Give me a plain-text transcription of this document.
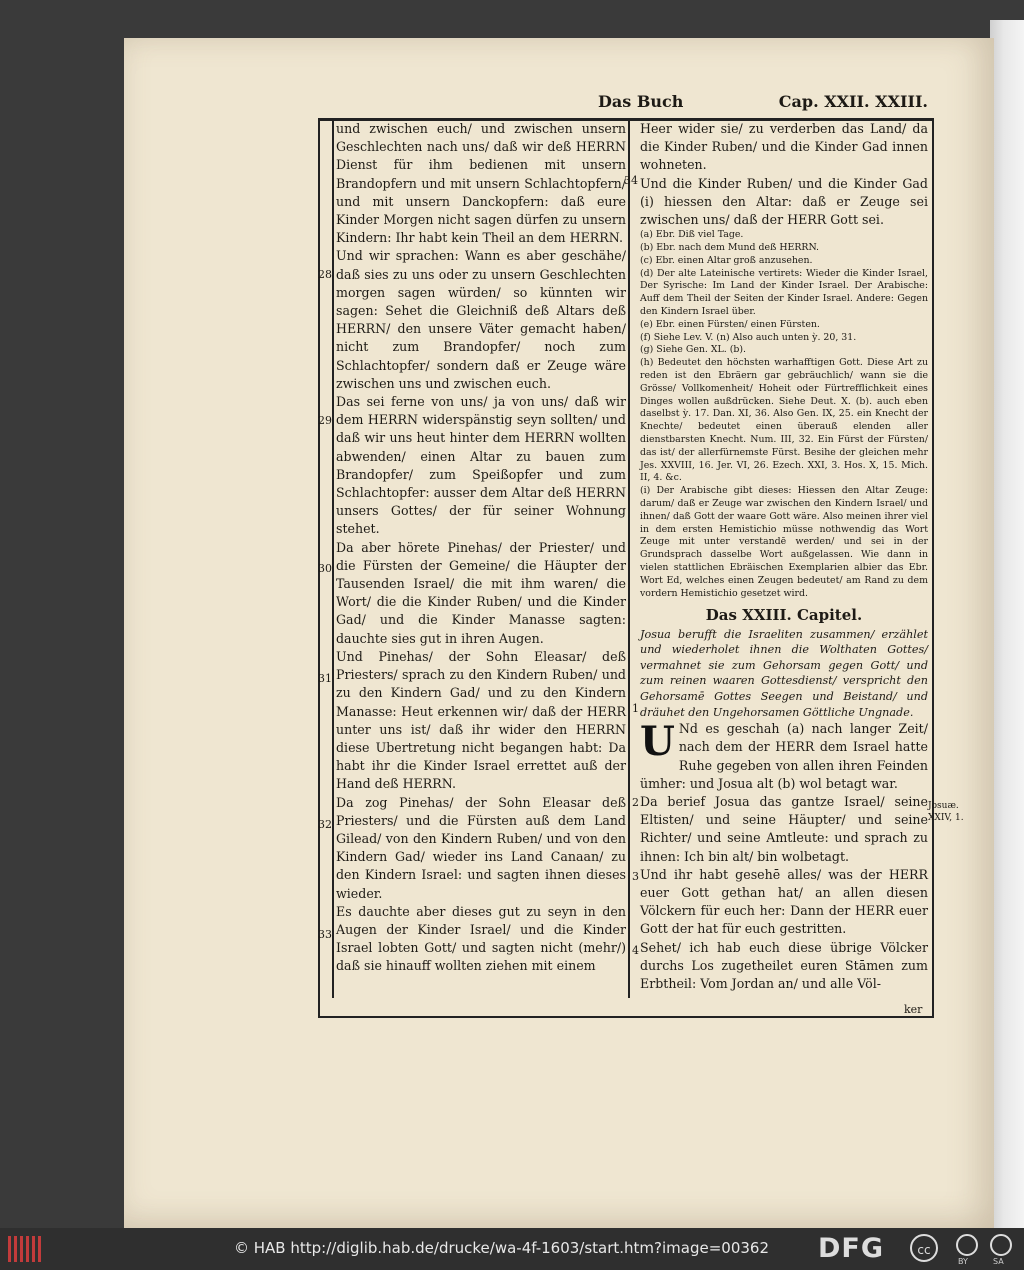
Das Buch	Cap. XXII. XXIII.

und zwischen euch/ und zwischen unsern Geschlechten nach uns/ daß wir deß HERRN Dienst für ihm bedienen mit unsern Brandopfern und mit unsern Schlachtopfern/ und mit unsern Danckopfern: daß eure Kinder Morgen nicht sagen dürfen zu unsern Kindern: Ihr habt kein Theil an dem HERRN.

Und wir sprachen: Wann es aber geschähe/ daß sies zu uns oder zu unsern Geschlechten morgen sagen würden/ so künnten wir sagen: Sehet die Gleichniß deß Altars deß HERRN/ den unsere Väter gemacht haben/ nicht zum Brandopfer/ noch zum Schlachtopfer/ sondern daß er Zeuge wäre zwischen uns und zwischen euch.

Das sei ferne von uns/ ja von uns/ daß wir dem HERRN widerspänstig seyn sollten/ und daß wir uns heut hinter dem HERRN wollten abwenden/ einen Altar zu bauen zum Brandopfer/ zum Speißopfer und zum Schlachtopfer: ausser dem Altar deß HERRN unsers Gottes/ der für seiner Wohnung stehet.

Da aber hörete Pinehas/ der Priester/ und die Fürsten der Gemeine/ die Häupter der Tausenden Israel/ die mit ihm waren/ die Wort/ die die Kinder Ruben/ und die Kinder Gad/ und die Kinder Manasse sagten: dauchte sies gut in ihren Augen.

Und Pinehas/ der Sohn Eleasar/ deß Priesters/ sprach zu den Kindern Ruben/ und zu den Kindern Gad/ und zu den Kindern Manasse: Heut erkennen wir/ daß der HERR unter uns ist/ daß ihr wider den HERRN diese Ubertretung nicht begangen habt: Da habt ihr die Kinder Israel errettet auß der Hand deß HERRN.

Da zog Pinehas/ der Sohn Eleasar deß Priesters/ und die Fürsten auß dem Land Gilead/ von den Kindern Ruben/ und von den Kindern Gad/ wieder ins Land Canaan/ zu den Kindern Israel: und sagten ihnen dieses wieder.

Es dauchte aber dieses gut zu seyn in den Augen der Kinder Israel/ und die Kinder Israel lobten Gott/ und sagten nicht (mehr/) daß sie hinauff wollten ziehen mit einem

28
29
30
31
32
33

Heer wider sie/ zu verderben das Land/ da die Kinder Ruben/ und die Kinder Gad innen wohneten.

Und die Kinder Ruben/ und die Kinder Gad (i) hiessen den Altar: daß er Zeuge sei zwischen uns/ daß der HERR Gott sei.

(a) Ebr. Diß viel Tage.

(b) Ebr. nach dem Mund deß HERRN.

(c) Ebr. einen Altar groß anzusehen.

(d) Der alte Lateinische vertirets: Wieder die Kinder Israel, Der Syrische: Im Land der Kinder Israel. Der Arabische: Auff dem Theil der Seiten der Kinder Israel. Andere: Gegen den Kindern Israel über.

(e) Ebr. einen Fürsten/ einen Fürsten.

(f) Siehe Lev. V. (n) Also auch unten ỳ. 20, 31.

(g) Siehe Gen. XL. (b).

(h) Bedeutet den höchsten warhafftigen Gott. Diese Art zu reden ist den Ebräern gar gebräuchlich/ wann sie die Grösse/ Vollkomenheit/ Hoheit oder Fürtrefflichkeit eines Dinges wollen außdrücken. Siehe Deut. X. (b). auch eben daselbst ỳ. 17. Dan. XI, 36. Also Gen. IX, 25. ein Knecht der Knechte/ bedeutet einen überauß elenden aller dienstbarsten Knecht. Num. III, 32. Ein Fürst der Fürsten/ das ist/ der allerfürnemste Fürst. Besihe der gleichen mehr Jes. XXVIII, 16. Jer. VI, 26. Ezech. XXI, 3. Hos. X, 15. Mich. II, 4. &c.

(i) Der Arabische gibt dieses: Hiessen den Altar Zeuge: darum/ daß er Zeuge war zwischen den Kindern Israel/ und ihnen/ daß Gott der waare Gott wäre. Also meinen ihrer viel in dem ersten Hemistichio müsse nothwendig das Wort Zeuge mit unter verstandē werden/ und sei in der Grundsprach dasselbe Wort außgelassen. Wie dann in vielen stattlichen Ebräischen Exemplarien albier das Ebr. Wort Ed, welches einen Zeugen bedeutet/ am Rand zu dem vordern Hemistichio gesetzet wird.

Das XXIII. Capitel.

Josua berufft die Israeliten zusammen/ erzählet und wiederholet ihnen die Wolthaten Gottes/ vermahnet sie zum Gehorsam gegen Gott/ und zum reinen waaren Gottesdienst/ verspricht den Gehorsamē Gottes Seegen und Beistand/ und dräuhet den Ungehorsamen Göttliche Ungnade.

U Nd es geschah (a) nach langer Zeit/ nach dem der HERR dem Israel hatte Ruhe gegeben von allen ihren Feinden ümher: und Josua alt (b) wol betagt war.

Da berief Josua das gantze Israel/ seine Eltisten/ und seine Häupter/ und seine Richter/ und seine Amtleute: und sprach zu ihnen: Ich bin alt/ bin wolbetagt.

Und ihr habt gesehē alles/ was der HERR euer Gott gethan hat/ an allen diesen Völckern für euch her: Dann der HERR euer Gott der hat für euch gestritten.

Sehet/ ich hab euch diese übrige Völcker durchs Los zugetheilet euren Stāmen zum Erbtheil: Vom Jordan an/ und alle Völ-

34
1
2
3
4
Josuæ. XXIV, 1.
ker
© HAB http://diglib.hab.de/drucke/wa-4f-1603/start.htm?image=00362 DFG	cc
BY	SA
